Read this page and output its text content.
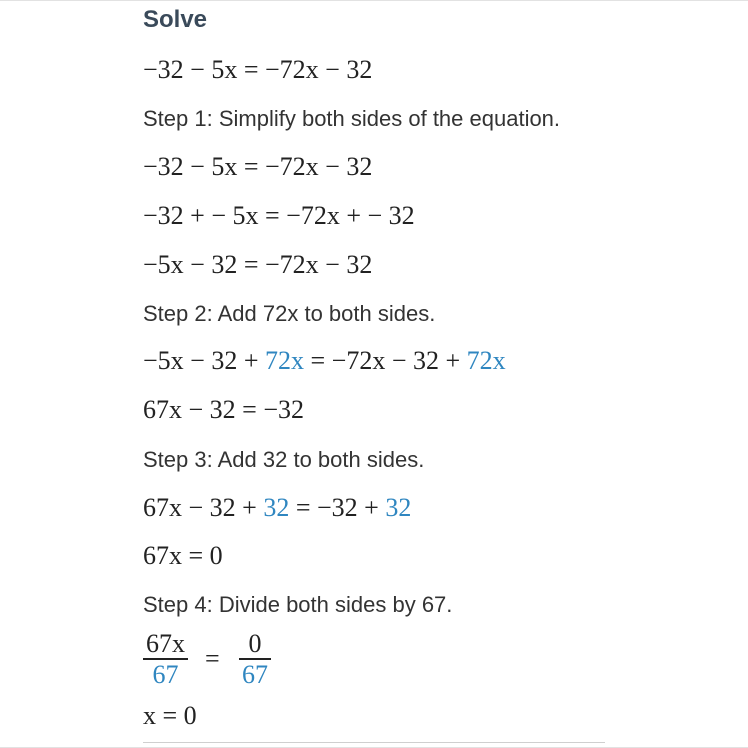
Solve
−32 − 5x = −72x − 32
Step 1: Simplify both sides of the equation.
−32 − 5x = −72x − 32
−32 + − 5x = −72x + − 32
−5x − 32 = −72x − 32
Step 2: Add 72x to both sides.
−5x − 32 + 72x = −72x − 32 + 72x
67x − 32 = −32
Step 3: Add 32 to both sides.
67x − 32 + 32 = −32 + 32
67x = 0
Step 4: Divide both sides by 67.
67x
67
=
0
67
x = 0
